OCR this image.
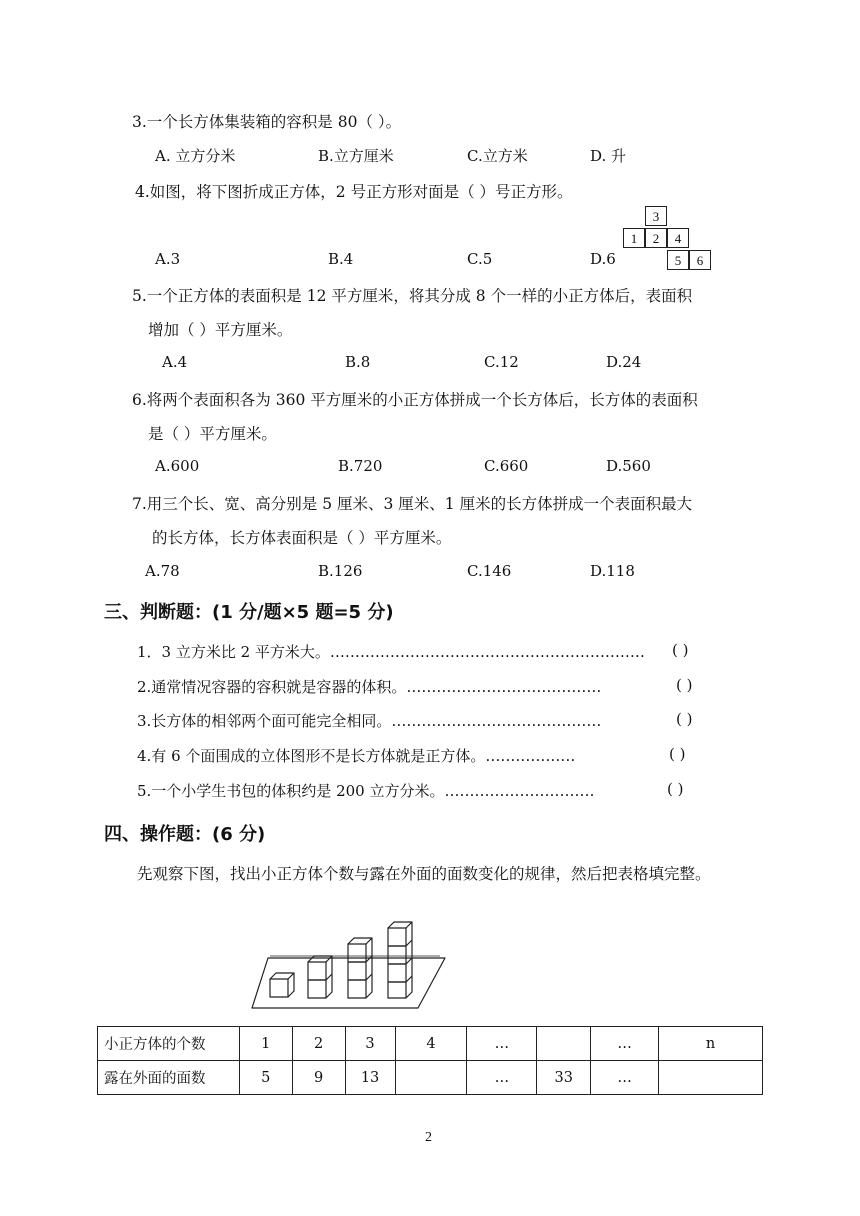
3.一个长方体集装箱的容积是 80（ ）。
A. 立方分米	B.立方厘米	C.立方米	D. 升
4.如图，将下图折成正方体，2 号正方形对面是（ ）号正方形。
A.3	B.4	C.5	D.6
3
1	2	4
5	6
5.一个正方体的表面积是 12 平方厘米，将其分成 8 个一样的小正方体后，表面积
增加（ ）平方厘米。
A.4	B.8	C.12	D.24
6.将两个表面积各为 360 平方厘米的小正方体拼成一个长方体后，长方体的表面积
是（ ）平方厘米。
A.600	B.720	C.660	D.560
7.用三个长、宽、高分别是 5 厘米、3 厘米、1 厘米的长方体拼成一个表面积最大
的长方体，长方体表面积是（ ）平方厘米。
A.78	B.126	C.146	D.118
三、判断题：(1 分/题×5 题=5 分)
1．3 立方米比 2 平方米大。………………………………………………………	( )
2.通常情况容器的容积就是容器的体积。…………………………………	( )
3.长方体的相邻两个面可能完全相同。……………………………………	( )
4.有 6 个面围成的立体图形不是长方体就是正方体。………………	( )
5.一个小学生书包的体积约是 200 立方分米。…………………………	( )
四、操作题：(6 分)
先观察下图，找出小正方体个数与露在外面的面数变化的规律，然后把表格填完整。
小正方体的个数	1	2	3	4	…		…	n
露在外面的面数	5	9	13		…	33	…	
2
